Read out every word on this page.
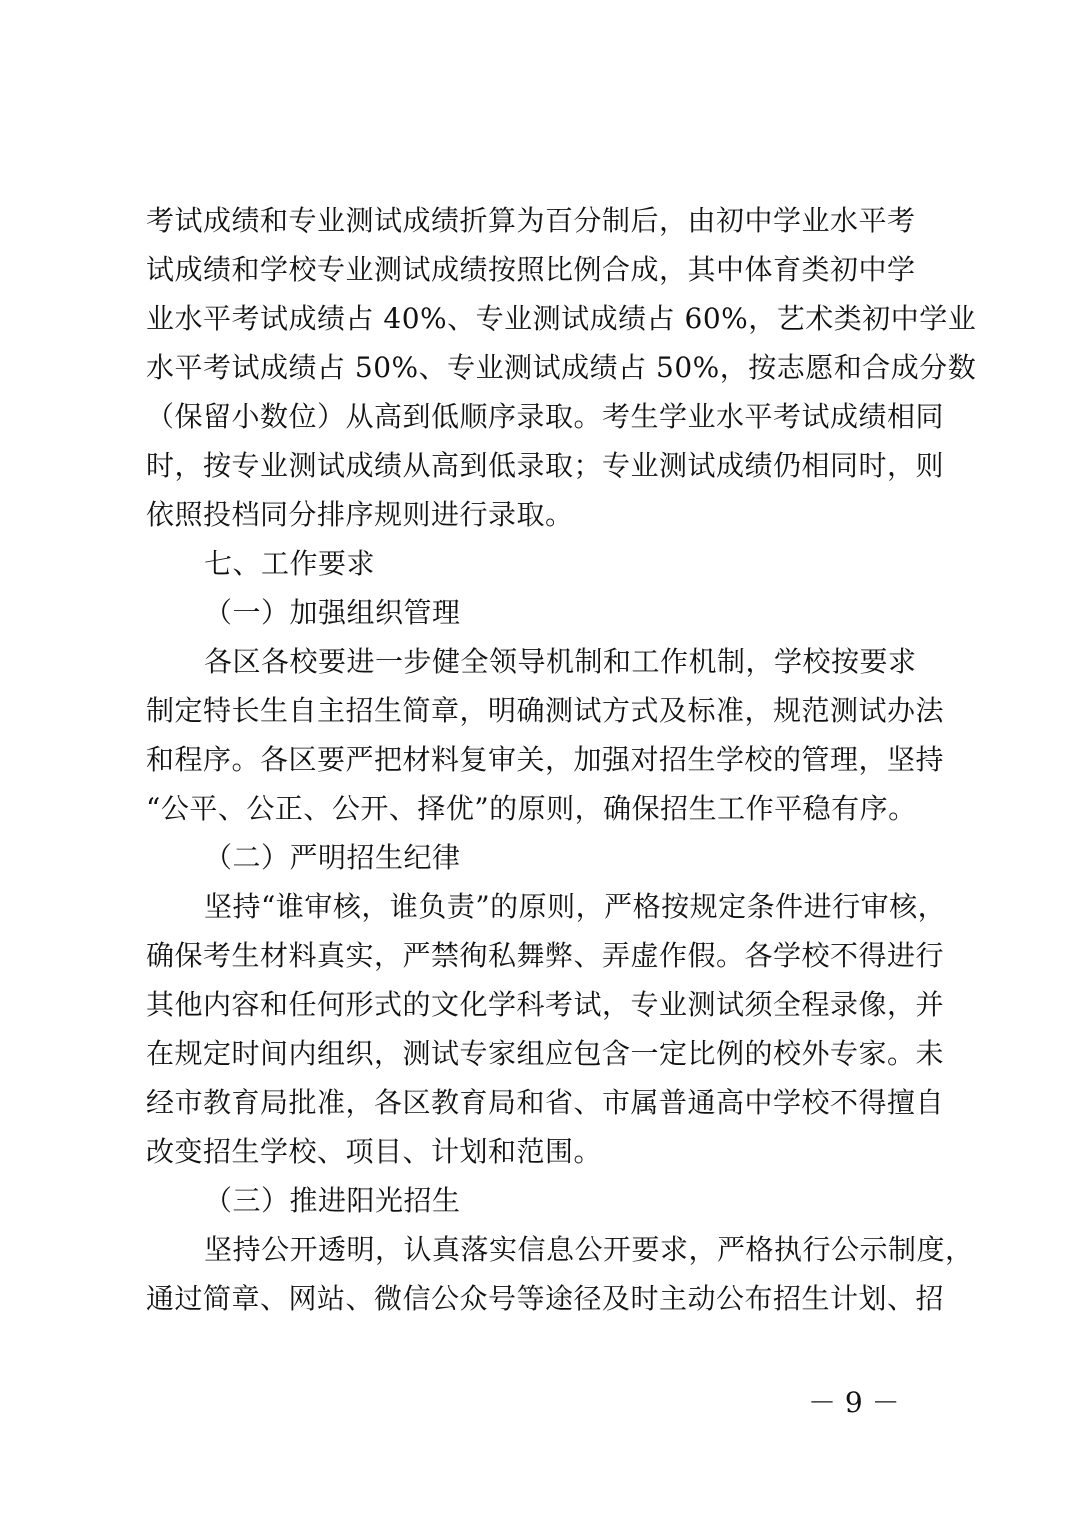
考试成绩和专业测试成绩折算为百分制后，由初中学业水平考
试成绩和学校专业测试成绩按照比例合成，其中体育类初中学
业水平考试成绩占 40%、专业测试成绩占 60%，艺术类初中学业
水平考试成绩占 50%、专业测试成绩占 50%，按志愿和合成分数
（保留小数位）从高到低顺序录取。考生学业水平考试成绩相同
时，按专业测试成绩从高到低录取；专业测试成绩仍相同时，则
依照投档同分排序规则进行录取。
七、工作要求
（一）加强组织管理
各区各校要进一步健全领导机制和工作机制，学校按要求
制定特长生自主招生简章，明确测试方式及标准，规范测试办法
和程序。各区要严把材料复审关，加强对招生学校的管理，坚持
“公平、公正、公开、择优”的原则，确保招生工作平稳有序。
（二）严明招生纪律
坚持“谁审核，谁负责”的原则，严格按规定条件进行审核，
确保考生材料真实，严禁徇私舞弊、弄虚作假。各学校不得进行
其他内容和任何形式的文化学科考试，专业测试须全程录像，并
在规定时间内组织，测试专家组应包含一定比例的校外专家。未
经市教育局批准，各区教育局和省、市属普通高中学校不得擅自
改变招生学校、项目、计划和范围。
（三）推进阳光招生
坚持公开透明，认真落实信息公开要求，严格执行公示制度，
通过简章、网站、微信公众号等途径及时主动公布招生计划、招
－ 9 －
